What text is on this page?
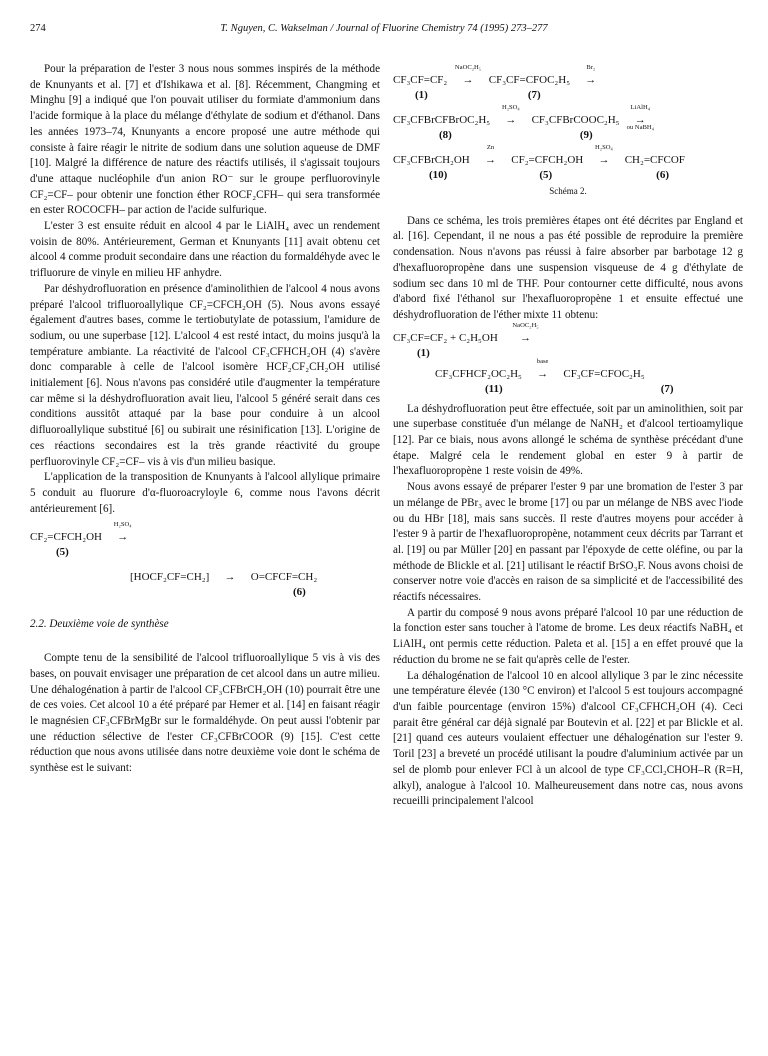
274	T. Nguyen, C. Wakselman / Journal of Fluorine Chemistry 74 (1995) 273–277

Pour la préparation de l'ester 3 nous nous sommes inspirés de la méthode de Knunyants et al. [7] et d'Ishikawa et al. [8]. Récemment, Changming et Minghu [9] a indiqué que l'on pouvait utiliser du formiate d'ammonium dans l'acide formique à la place du mélange d'éthylate de sodium et d'éthanol. Dans les années 1973–74, Knunyants a encore proposé une autre méthode qui consiste à faire réagir le nitrite de sodium dans une solution aqueuse de DMF [10]. Malgré la différence de nature des réactifs utilisés, il s'agissait toujours d'une attaque nucléophile d'un anion RO⁻ sur le groupe perfluorovinyle CF₂=CF– pour obtenir une fonction éther ROCF₂CFH– qui sera transformée en ester ROCOCFH– par action de l'acide sulfurique.

L'ester 3 est ensuite réduit en alcool 4 par le LiAlH₄ avec un rendement voisin de 80%. Antérieurement, German et Knunyants [11] avait obtenu cet alcool 4 comme produit secondaire dans une réaction du formaldéhyde avec le trifluorure de vinyle en milieu HF anhydre.

Par déshydrofluoration en présence d'aminolithien de l'alcool 4 nous avons préparé l'alcool trifluoroallylique CF₂=CFCH₂OH (5). Nous avons essayé également d'autres bases, comme le tertiobutylate de potassium, l'amidure de sodium, ou une superbase [12]. L'alcool 4 est resté intact, du moins jusqu'à la température ambiante. La réactivité de l'alcool CF₃CFHCH₂OH (4) s'avère donc comparable à celle de l'alcool isomère HCF₂CF₂CH₂OH utilisé initialement [6]. Nous n'avons pas considéré utile d'augmenter la température car même si la déshydrofluoration avait lieu, l'alcool 5 généré serait dans ces conditions aussitôt attaqué par la base pour conduire à un alcool difluoroallylique substitué [6] ou subirait une résinification [13]. L'origine de ces réactions secondaires est la très grande réactivité du groupe perfluorovinyle CF₂=CF– vis à vis d'un milieu basique.

L'application de la transposition de Knunyants à l'alcool allylique primaire 5 conduit au fluorure d'α-fluoroacryloyle 6, comme nous l'avons décrit antérieurement [6].

CF₂=CFCH₂OH
H₂SO₄
→
(5)
[HOCF₂CF=CH₂] → O=CFCF=CH₂
(6)

2.2. Deuxième voie de synthèse

Compte tenu de la sensibilité de l'alcool trifluoroallylique 5 vis à vis des bases, on pouvait envisager une préparation de cet alcool dans un autre milieu. Une déhalogénation à partir de l'alcool CF₃CFBrCH₂OH (10) pourrait être une de ces voies. Cet alcool 10 a été préparé par Hemer et al. [14] en faisant réagir le magnésien CF₃CFBrMgBr sur le formaldéhyde. On peut aussi l'obtenir par une réduction sélective de l'ester CF₃CFBrCOOR (9) [15]. C'est cette réduction que nous avons utilisée dans notre deuxième voie dont le schéma de synthèse est le suivant:

CF₃CF=CF₂
NaOC₂H₅
→ CF₃CF=CFOC₂H₅
Br₂
→
(1)	(7)
CF₃CFBrCFBrOC₂H₅
H₂SO₄
→ CF₃CFBrCOOC₂H₅
LiAlH₄
→
ou NaBH₄
(8)	(9)
CF₃CFBrCH₂OH
Zn
→ CF₂=CFCH₂OH
H₂SO₄
→ CH₂=CFCOF
(10)	(5)	(6)
Schéma 2.

Dans ce schéma, les trois premières étapes ont été décrites par England et al. [16]. Cependant, il ne nous a pas été possible de reproduire la première condensation. Nous n'avons pas réussi à faire absorber par barbotage 12 g d'hexafluoropropène dans une suspension visqueuse de 4 g d'éthylate de sodium sec dans 10 ml de THF. Pour contourner cette difficulté, nous avons d'abord fixé l'éthanol sur l'hexafluoropropène 1 et ensuite effectué une déshydrofluoration de l'éther mixte 11 obtenu:

CF₃CF=CF₂ + C₂H₅OH
NaOC₂H₅
→
(1)
CF₃CFHCF₂OC₂H₅
base
→ CF₃CF=CFOC₂H₅
(11)	(7)

La déshydrofluoration peut être effectuée, soit par un aminolithien, soit par une superbase constituée d'un mélange de NaNH₂ et d'alcool tertioamylique [12]. Par ce biais, nous avons allongé le schéma de synthèse précédant d'une étape. Malgré cela le rendement global en ester 9 à partir de l'hexafluoropropène 1 reste voisin de 49%.

Nous avons essayé de préparer l'ester 9 par une bromation de l'ester 3 par un mélange de PBr₃ avec le brome [17] ou par un mélange de NBS avec l'iode ou du HBr [18], mais sans succès. Il reste d'autres moyens pour accéder à l'ester 9 à partir de l'hexafluoropropène, notamment ceux décrits par Tarrant et al. [19] ou par Müller [20] en passant par l'époxyde de cette oléfine, ou par la méthode de Blickle et al. [21] utilisant le réactif BrSO₃F. Nous avons choisi de conserver notre voie d'accès en raison de sa simplicité et de l'accessibilité des réactifs nécessaires.

A partir du composé 9 nous avons préparé l'alcool 10 par une réduction de la fonction ester sans toucher à l'atome de brome. Les deux réactifs NaBH₄ et LiAlH₄ ont permis cette réduction. Paleta et al. [15] a en effet prouvé que la réduction du brome ne se fait qu'après celle de l'ester.

La déhalogénation de l'alcool 10 en alcool allylique 3 par le zinc nécessite une température élevée (130 °C environ) et l'alcool 5 est toujours accompagné d'un faible pourcentage (environ 15%) d'alcool CF₃CFHCH₂OH (4). Ceci parait être général car déjà signalé par Boutevin et al. [22] et par Blickle et al. [21] quand ces auteurs voulaient effectuer une déhalogénation sur l'ester 9. Toril [23] a breveté un procédé utilisant la poudre d'aluminium activée par un sel de plomb pour enlever FCl à un alcool de type CF₃CCl₂CHOH–R (R=H, alkyl), analogue à l'alcool 10. Malheureusement dans notre cas, nous avons recueilli principalement l'alcool
